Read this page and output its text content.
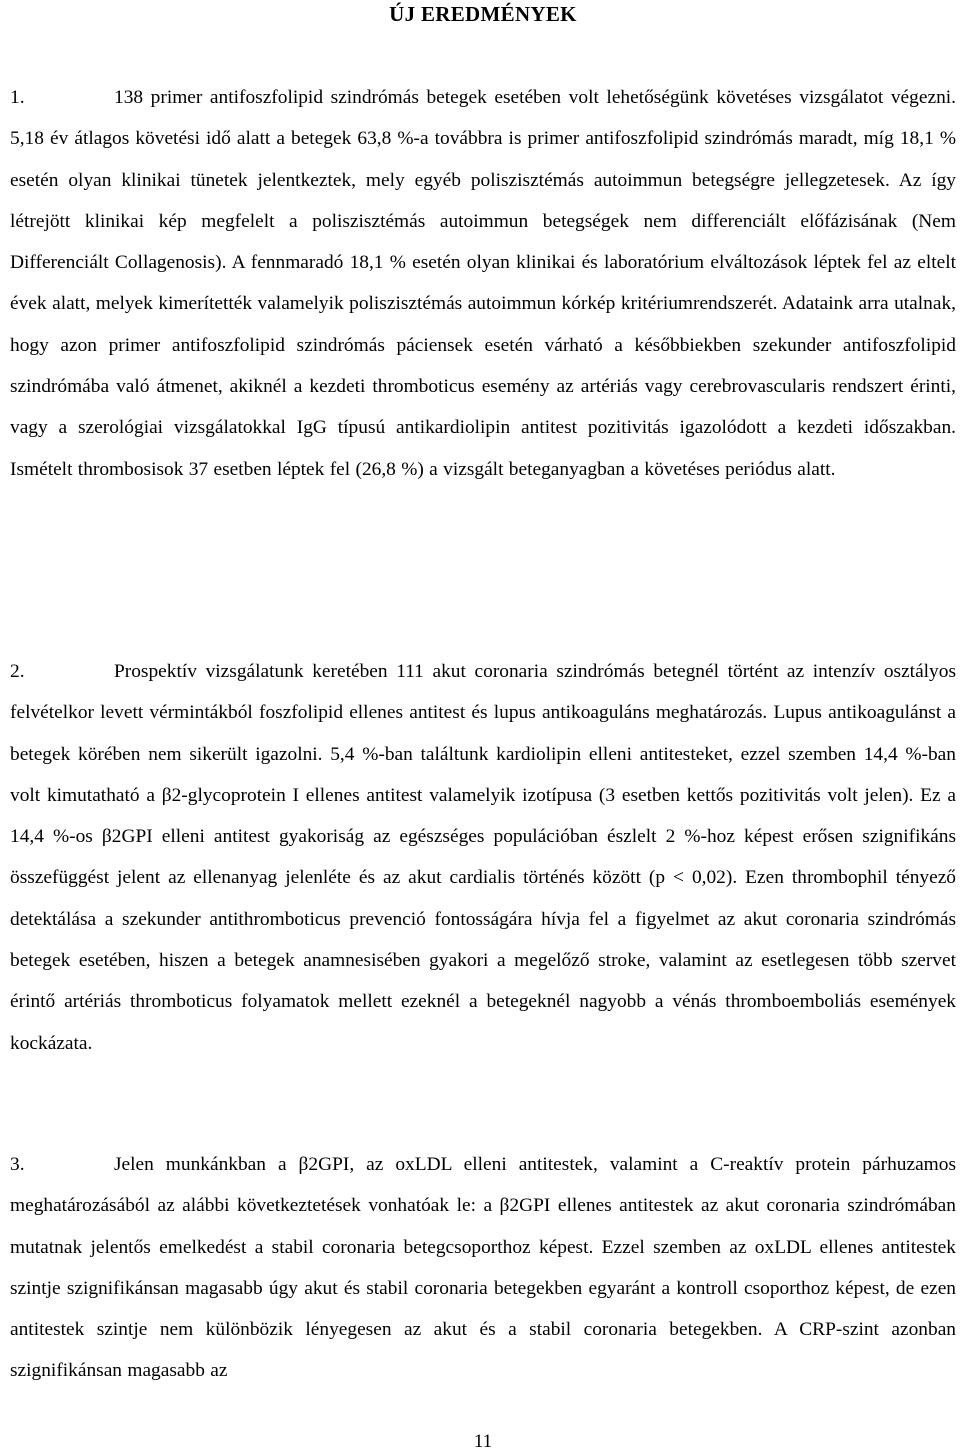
ÚJ EREDMÉNYEK

1.	138 primer antifoszfolipid szindrómás betegek esetében volt lehetőségünk követéses vizsgálatot végezni. 5,18 év átlagos követési idő alatt a betegek 63,8 %-a továbbra is primer antifoszfolipid szindrómás maradt, míg 18,1 % esetén olyan klinikai tünetek jelentkeztek, mely egyéb poliszisztémás autoimmun betegségre jellegzetesek. Az így létrejött klinikai kép megfelelt a poliszisztémás autoimmun betegségek nem differenciált előfázisának (Nem Differenciált Collagenosis). A fennmaradó 18,1 % esetén olyan klinikai és laboratórium elváltozások léptek fel az eltelt évek alatt, melyek kimerítették valamelyik poliszisztémás autoimmun kórkép kritériumrendszerét. Adataink arra utalnak, hogy azon primer antifoszfolipid szindrómás páciensek esetén várható a későbbiekben szekunder antifoszfolipid szindrómába való átmenet, akiknél a kezdeti thromboticus esemény az artériás vagy cerebrovascularis rendszert érinti, vagy a szerológiai vizsgálatokkal IgG típusú antikardiolipin antitest pozitivitás igazolódott a kezdeti időszakban. Ismételt thrombosisok 37 esetben léptek fel (26,8 %) a vizsgált beteganyagban a követéses periódus alatt.

2.	Prospektív vizsgálatunk keretében 111 akut coronaria szindrómás betegnél történt az intenzív osztályos felvételkor levett vérmintákból foszfolipid ellenes antitest és lupus antikoaguláns meghatározás. Lupus antikoagulánst a betegek körében nem sikerült igazolni. 5,4 %-ban találtunk kardiolipin elleni antitesteket, ezzel szemben 14,4 %-ban volt kimutatható a β2-glycoprotein I ellenes antitest valamelyik izotípusa (3 esetben kettős pozitivitás volt jelen). Ez a 14,4 %-os β2GPI elleni antitest gyakoriság az egészséges populációban észlelt 2 %-hoz képest erősen szignifikáns összefüggést jelent az ellenanyag jelenléte és az akut cardialis történés között (p < 0,02). Ezen thrombophil tényező detektálása a szekunder antithromboticus prevenció fontosságára hívja fel a figyelmet az akut coronaria szindrómás betegek esetében, hiszen a betegek anamnesisében gyakori a megelőző stroke, valamint az esetlegesen több szervet érintő artériás thromboticus folyamatok mellett ezeknél a betegeknél nagyobb a vénás thromboemboliás események kockázata.

3.	Jelen munkánkban a β2GPI, az oxLDL elleni antitestek, valamint a C-reaktív protein párhuzamos meghatározásából az alábbi következtetések vonhatóak le: a β2GPI ellenes antitestek az akut coronaria szindrómában mutatnak jelentős emelkedést a stabil coronaria betegcsoporthoz képest. Ezzel szemben az oxLDL ellenes antitestek szintje szignifikánsan magasabb úgy akut és stabil coronaria betegekben egyaránt a kontroll csoporthoz képest, de ezen antitestek szintje nem különbözik lényegesen az akut és a stabil coronaria betegekben. A CRP-szint azonban szignifikánsan magasabb az

11
